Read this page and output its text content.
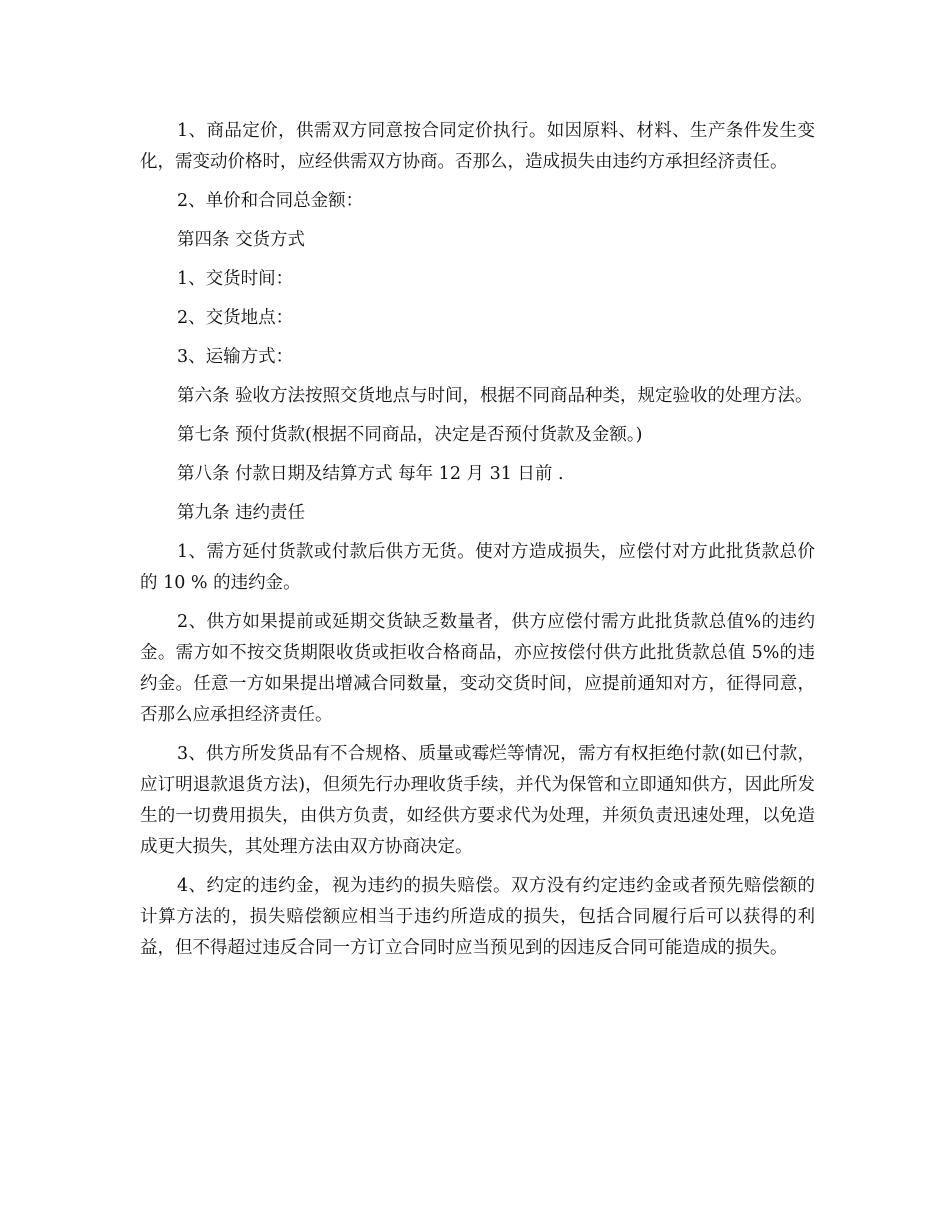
1、商品定价，供需双方同意按合同定价执行。如因原料、材料、生产条件发生变化，需变动价格时，应经供需双方协商。否那么，造成损失由违约方承担经济责任。

2、单价和合同总金额：

第四条 交货方式

1、交货时间：

2、交货地点：

3、运输方式：

第六条 验收方法按照交货地点与时间，根据不同商品种类，规定验收的处理方法。

第七条 预付货款(根据不同商品，决定是否预付货款及金额。)

第八条 付款日期及结算方式 每年 12 月 31 日前 .

第九条 违约责任

1、需方延付货款或付款后供方无货。使对方造成损失，应偿付对方此批货款总价的 10 % 的违约金。

2、供方如果提前或延期交货缺乏数量者，供方应偿付需方此批货款总值%的违约金。需方如不按交货期限收货或拒收合格商品，亦应按偿付供方此批货款总值 5%的违约金。任意一方如果提出增减合同数量，变动交货时间，应提前通知对方，征得同意，否那么应承担经济责任。

3、供方所发货品有不合规格、质量或霉烂等情况，需方有权拒绝付款(如已付款，应订明退款退货方法)，但须先行办理收货手续，并代为保管和立即通知供方，因此所发生的一切费用损失，由供方负责，如经供方要求代为处理，并须负责迅速处理，以免造成更大损失，其处理方法由双方协商决定。

4、约定的违约金，视为违约的损失赔偿。双方没有约定违约金或者预先赔偿额的计算方法的，损失赔偿额应相当于违约所造成的损失，包括合同履行后可以获得的利益，但不得超过违反合同一方订立合同时应当预见到的因违反合同可能造成的损失。
